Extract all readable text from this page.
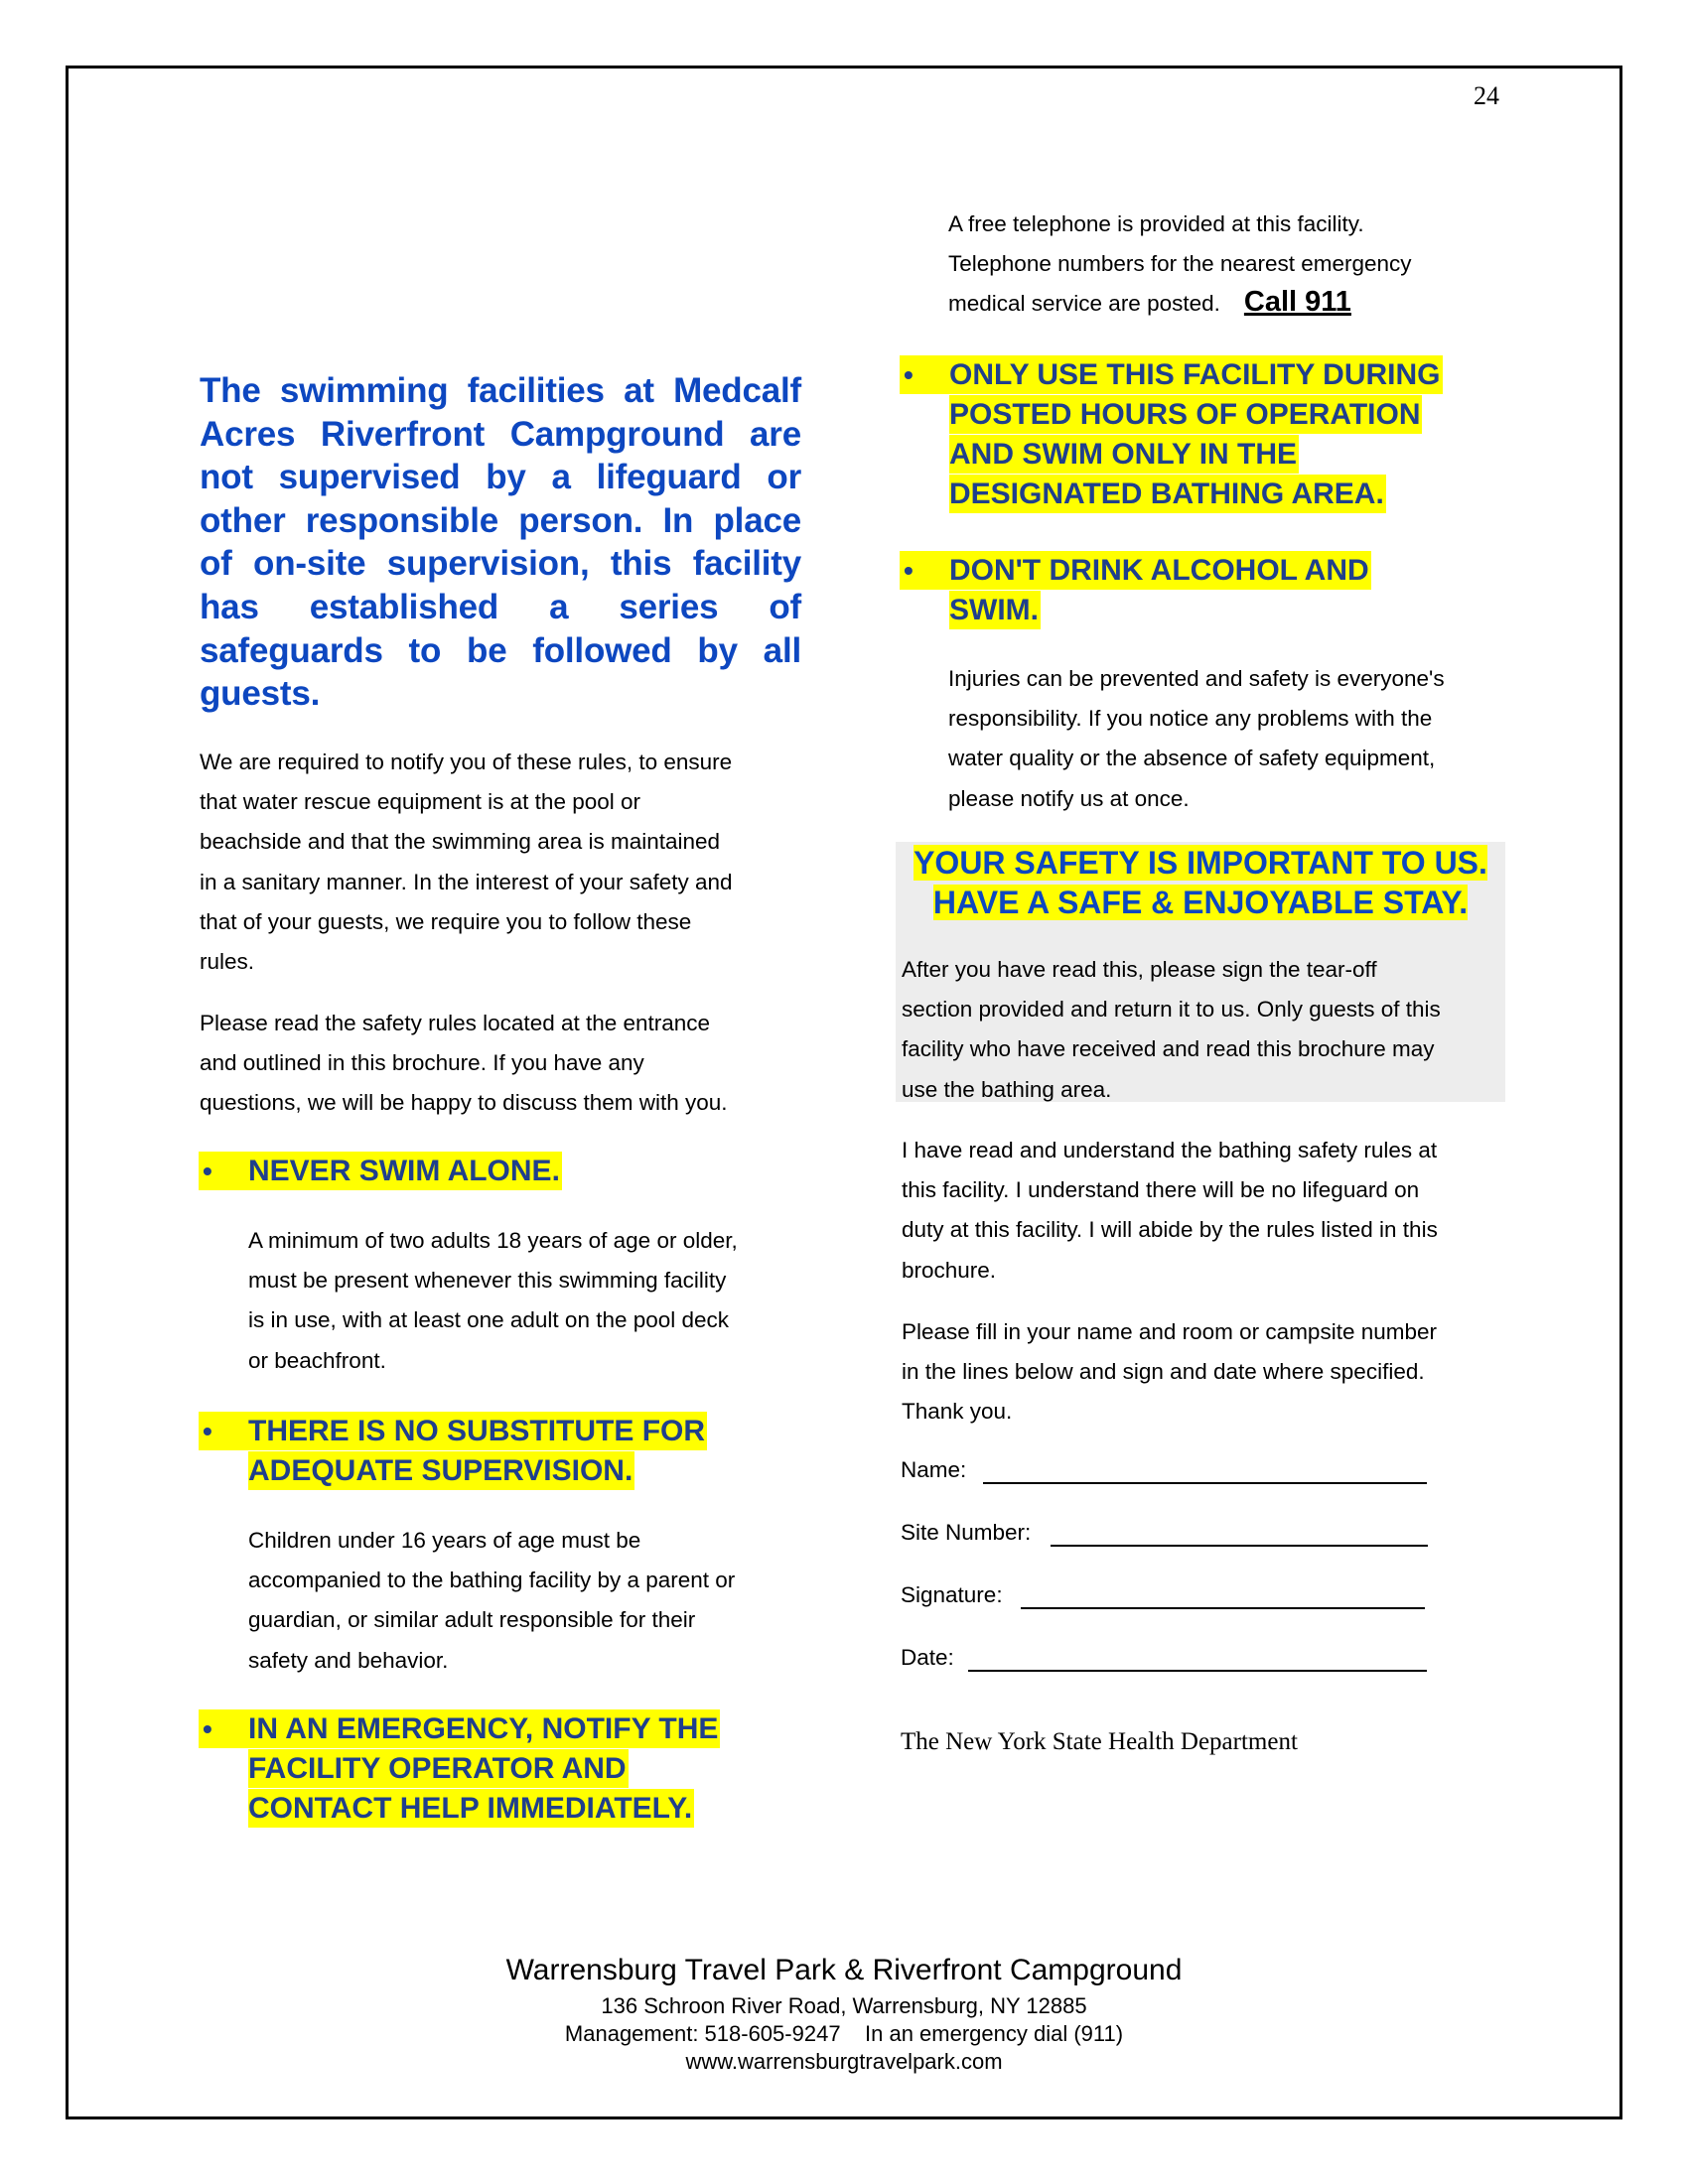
24
The swimming facilities at Medcalf
Acres Riverfront Campground are
not supervised by a lifeguard or
other responsible person. In place
of on-site supervision, this facility
has established a series of
safeguards to be followed by all
guests.
We are required to notify you of these rules, to ensure
that water rescue equipment is at the pool or
beachside and that the swimming area is maintained
in a sanitary manner. In the interest of your safety and
that of your guests, we require you to follow these
rules.
Please read the safety rules located at the entrance
and outlined in this brochure. If you have any
questions, we will be happy to discuss them with you.
• NEVER SWIM ALONE.
A minimum of two adults 18 years of age or older,
must be present whenever this swimming facility
is in use, with at least one adult on the pool deck
or beachfront.
• THERE IS NO SUBSTITUTE FOR
ADEQUATE SUPERVISION.
Children under 16 years of age must be
accompanied to the bathing facility by a parent or
guardian, or similar adult responsible for their
safety and behavior.
• IN AN EMERGENCY, NOTIFY THE
FACILITY OPERATOR AND
CONTACT HELP IMMEDIATELY.
A free telephone is provided at this facility.
Telephone numbers for the nearest emergency
medical service are posted. Call 911
• ONLY USE THIS FACILITY DURING
POSTED HOURS OF OPERATION
AND SWIM ONLY IN THE
DESIGNATED BATHING AREA.
• DON'T DRINK ALCOHOL AND
SWIM.
Injuries can be prevented and safety is everyone's
responsibility. If you notice any problems with the
water quality or the absence of safety equipment,
please notify us at once.
YOUR SAFETY IS IMPORTANT TO US.
HAVE A SAFE & ENJOYABLE STAY.
After you have read this, please sign the tear-off
section provided and return it to us. Only guests of this
facility who have received and read this brochure may
use the bathing area.
I have read and understand the bathing safety rules at
this facility. I understand there will be no lifeguard on
duty at this facility. I will abide by the rules listed in this
brochure.
Please fill in your name and room or campsite number
in the lines below and sign and date where specified.
Thank you.
Name:
Site Number:
Signature:
Date:
The New York State Health Department
Warrensburg Travel Park & Riverfront Campground
136 Schroon River Road, Warrensburg, NY 12885
Management: 518-605-9247    In an emergency dial (911)
www.warrensburgtravelpark.com
